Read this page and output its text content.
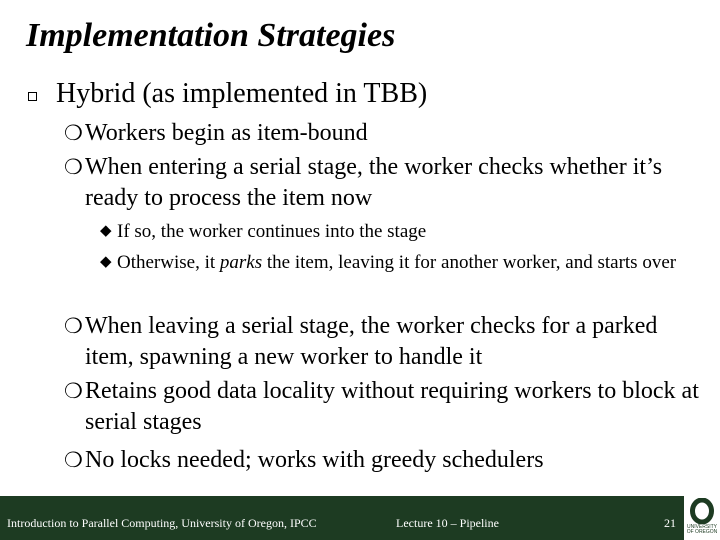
Implementation Strategies
Hybrid (as implemented in TBB)
❍ Workers begin as item-bound
❍ When entering a serial stage, the worker checks whether it’s ready to process the item now
◆ If so, the worker continues into the stage
◆ Otherwise, it parks the item, leaving it for another worker, and starts over
❍ When leaving a serial stage, the worker checks for a parked item, spawning a new worker to handle it
❍ Retains good data locality without requiring workers to block at serial stages
❍ No locks needed; works with greedy schedulers
Introduction to Parallel Computing, University of Oregon, IPCC	Lecture 10 – Pipeline	21	UNIVERSITY OF OREGON
